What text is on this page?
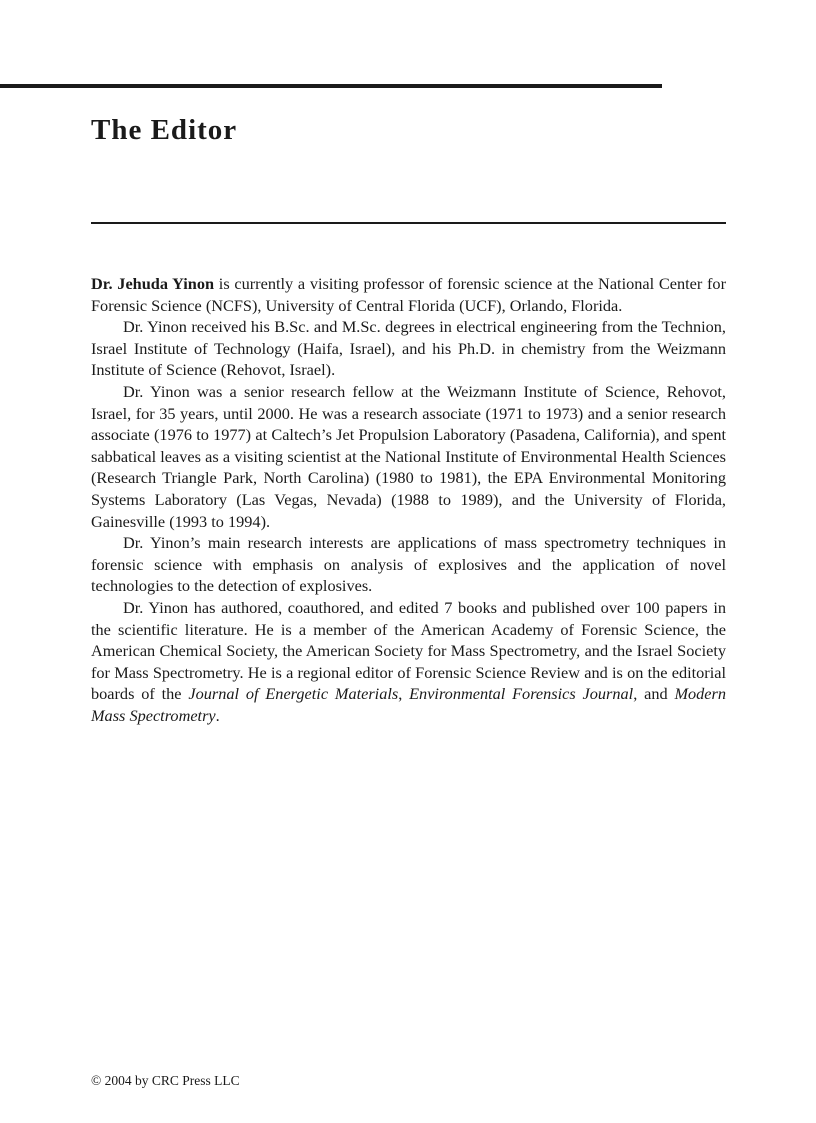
The Editor

Dr. Jehuda Yinon is currently a visiting professor of forensic science at the National Center for Forensic Science (NCFS), University of Central Florida (UCF), Orlando, Florida.

Dr. Yinon received his B.Sc. and M.Sc. degrees in electrical engineering from the Technion, Israel Institute of Technology (Haifa, Israel), and his Ph.D. in chemistry from the Weizmann Institute of Science (Rehovot, Israel).

Dr. Yinon was a senior research fellow at the Weizmann Institute of Science, Rehovot, Israel, for 35 years, until 2000. He was a research associate (1971 to 1973) and a senior research associate (1976 to 1977) at Caltech’s Jet Propulsion Laboratory (Pasadena, California), and spent sabbatical leaves as a visiting scientist at the National Institute of Environmental Health Sciences (Research Triangle Park, North Carolina) (1980 to 1981), the EPA Environmental Monitoring Systems Laboratory (Las Vegas, Nevada) (1988 to 1989), and the University of Florida, Gainesville (1993 to 1994).

Dr. Yinon’s main research interests are applications of mass spectrometry techniques in forensic science with emphasis on analysis of explosives and the application of novel technologies to the detection of explosives.

Dr. Yinon has authored, coauthored, and edited 7 books and published over 100 papers in the scientific literature. He is a member of the American Academy of Forensic Science, the American Chemical Society, the American Society for Mass Spectrometry, and the Israel Society for Mass Spectrometry. He is a regional editor of Forensic Science Review and is on the editorial boards of the Journal of Energetic Materials, Environmental Forensics Journal, and Modern Mass Spectrometry.

© 2004 by CRC Press LLC
